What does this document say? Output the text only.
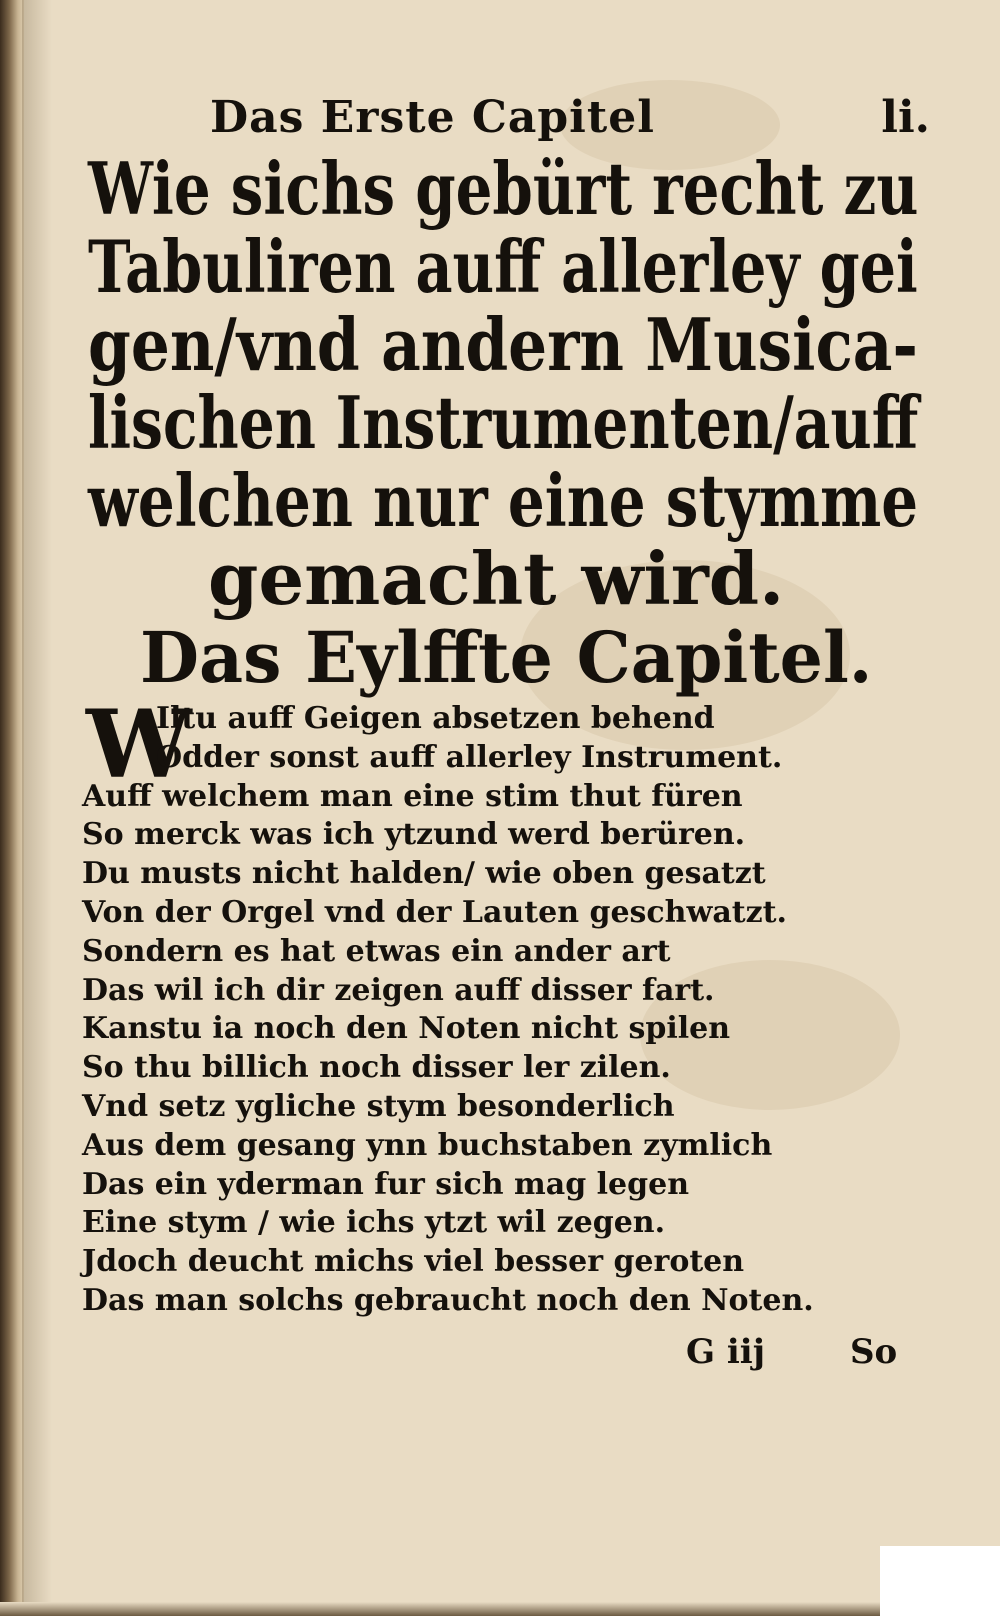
Das Erste Capitel	li.
Wie sichs gebürt recht zu
Tabuliren auff allerley gei
gen/vnd andern Musica-
lischen Instrumenten/auff
welchen nur eine stymme
gemacht wird.
Das Eylffte Capitel.
W
Iltu auff Geigen absetzen behend
Odder sonst auff allerley Instrument.
Auff welchem man eine stim thut füren
So merck was ich ytzund werd berüren.
Du musts nicht halden/ wie oben gesatzt
Von der Orgel vnd der Lauten geschwatzt.
Sondern es hat etwas ein ander art
Das wil ich dir zeigen auff disser fart.
Kanstu ia noch den Noten nicht spilen
So thu billich noch disser ler zilen.
Vnd setz ygliche stym besonderlich
Aus dem gesang ynn buchstaben zymlich
Das ein yderman fur sich mag legen
Eine stym / wie ichs ytzt wil zegen.
Jdoch deucht michs viel besser geroten
Das man solchs gebraucht noch den Noten.
G iij So
